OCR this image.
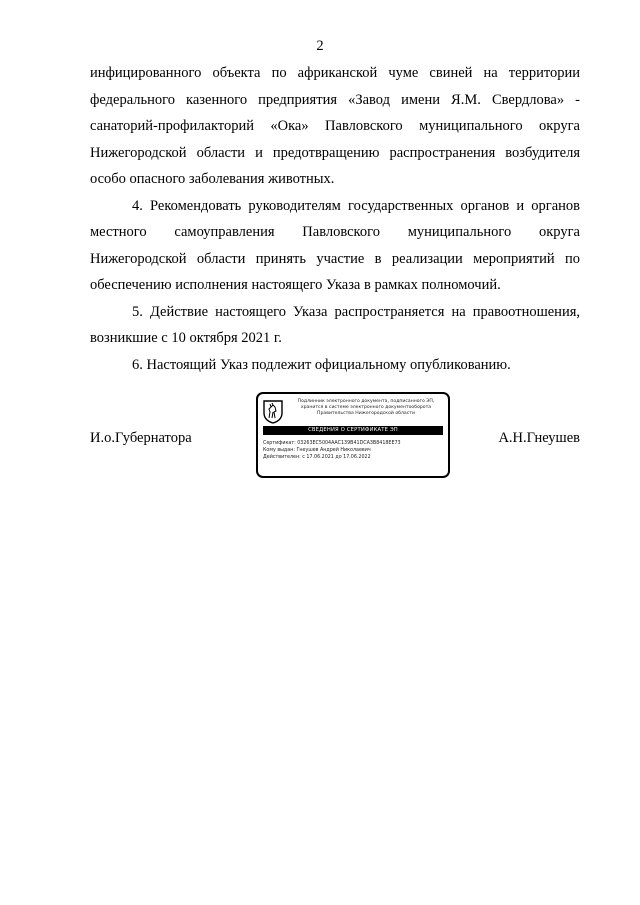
2

инфицированного объекта по африканской чуме свиней на территории федерального казенного предприятия «Завод имени Я.М. Свердлова» - санаторий-профилакторий «Ока» Павловского муниципального округа Нижегородской области и предотвращению распространения возбудителя особо опасного заболевания животных.

4. Рекомендовать руководителям государственных органов и органов местного самоуправления Павловского муниципального округа Нижегородской области принять участие в реализации мероприятий по обеспечению исполнения настоящего Указа в рамках полномочий.

5. Действие настоящего Указа распространяется на правоотношения, возникшие с 10 октября 2021 г.

6. Настоящий Указ подлежит официальному опубликованию.

И.о.Губернатора
Подлинник электронного документа, подписанного ЭП,
хранится в системе электронного документооборота
Правительства Нижегородской области
СВЕДЕНИЯ О СЕРТИФИКАТЕ ЭП
Сертификат: 03263ЕС5004ААС139В41DСА3В8418ЕЕ73
Кому выдан: Гнеушев Андрей Николаевич
Действителен: с 17.06.2021 до 17.06.2022
А.Н.Гнеушев
